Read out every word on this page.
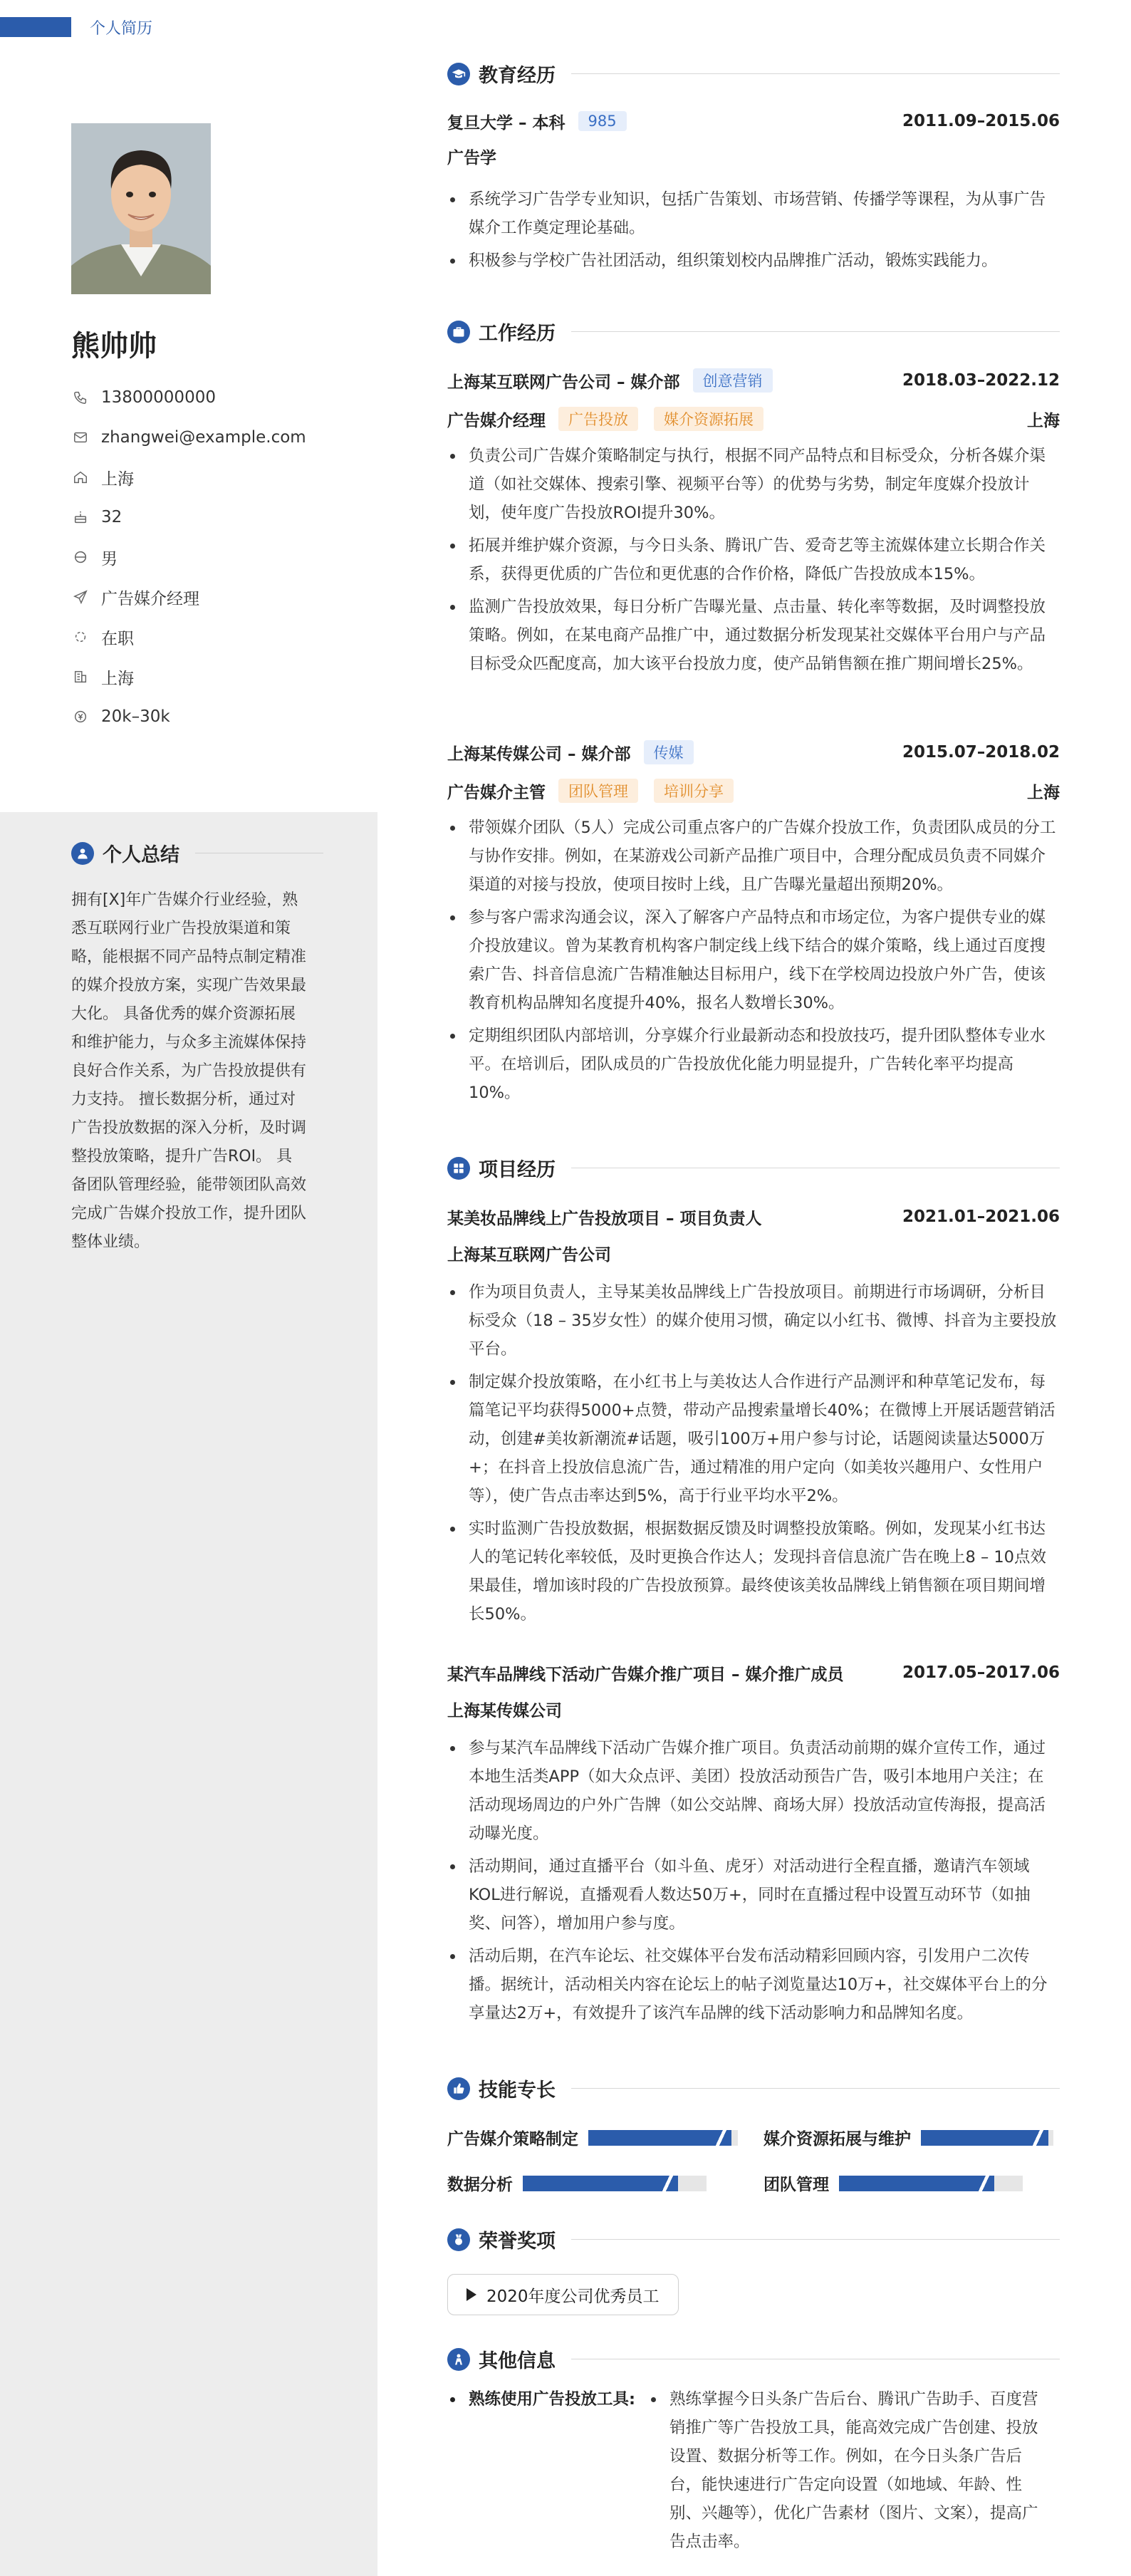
个人简历
熊帅帅
13800000000
zhangwei@example.com
上海
32
男
广告媒介经理
在职
上海
20k–30k
个人总结
拥有[X]年广告媒介行业经验，熟悉互联网行业广告投放渠道和策略，能根据不同产品特点制定精准的媒介投放方案，实现广告效果最大化。 具备优秀的媒介资源拓展和维护能力，与众多主流媒体保持良好合作关系，为广告投放提供有力支持。 擅长数据分析，通过对广告投放数据的深入分析，及时调整投放策略，提升广告ROI。 具备团队管理经验，能带领团队高效完成广告媒介投放工作，提升团队整体业绩。
教育经历
复旦大学 – 本科	985	2011.09–2015.06
广告学
系统学习广告学专业知识，包括广告策划、市场营销、传播学等课程，为从事广告媒介工作奠定理论基础。
积极参与学校广告社团活动，组织策划校内品牌推广活动，锻炼实践能力。
工作经历
上海某互联网广告公司 – 媒介部	创意营销	2018.03–2022.12
广告媒介经理	广告投放	媒介资源拓展	上海
负责公司广告媒介策略制定与执行，根据不同产品特点和目标受众，分析各媒介渠道（如社交媒体、搜索引擎、视频平台等）的优势与劣势，制定年度媒介投放计划，使年度广告投放ROI提升30%。
拓展并维护媒介资源，与今日头条、腾讯广告、爱奇艺等主流媒体建立长期合作关系，获得更优质的广告位和更优惠的合作价格，降低广告投放成本15%。
监测广告投放效果，每日分析广告曝光量、点击量、转化率等数据，及时调整投放策略。例如，在某电商产品推广中，通过数据分析发现某社交媒体平台用户与产品目标受众匹配度高，加大该平台投放力度，使产品销售额在推广期间增长25%。
上海某传媒公司 – 媒介部	传媒	2015.07–2018.02
广告媒介主管	团队管理	培训分享	上海
带领媒介团队（5人）完成公司重点客户的广告媒介投放工作，负责团队成员的分工与协作安排。例如，在某游戏公司新产品推广项目中，合理分配成员负责不同媒介渠道的对接与投放，使项目按时上线，且广告曝光量超出预期20%。
参与客户需求沟通会议，深入了解客户产品特点和市场定位，为客户提供专业的媒介投放建议。曾为某教育机构客户制定线上线下结合的媒介策略，线上通过百度搜索广告、抖音信息流广告精准触达目标用户，线下在学校周边投放户外广告，使该教育机构品牌知名度提升40%，报名人数增长30%。
定期组织团队内部培训，分享媒介行业最新动态和投放技巧，提升团队整体专业水平。在培训后，团队成员的广告投放优化能力明显提升，广告转化率平均提高10%。
项目经历
某美妆品牌线上广告投放项目 – 项目负责人	2021.01–2021.06
上海某互联网广告公司
作为项目负责人，主导某美妆品牌线上广告投放项目。前期进行市场调研，分析目标受众（18 – 35岁女性）的媒介使用习惯，确定以小红书、微博、抖音为主要投放平台。
制定媒介投放策略，在小红书上与美妆达人合作进行产品测评和种草笔记发布，每篇笔记平均获得5000+点赞，带动产品搜索量增长40%；在微博上开展话题营销活动，创建#美妆新潮流#话题，吸引100万+用户参与讨论，话题阅读量达5000万+；在抖音上投放信息流广告，通过精准的用户定向（如美妆兴趣用户、女性用户等），使广告点击率达到5%，高于行业平均水平2%。
实时监测广告投放数据，根据数据反馈及时调整投放策略。例如，发现某小红书达人的笔记转化率较低，及时更换合作达人；发现抖音信息流广告在晚上8 – 10点效果最佳，增加该时段的广告投放预算。最终使该美妆品牌线上销售额在项目期间增长50%。
某汽车品牌线下活动广告媒介推广项目 – 媒介推广成员	2017.05–2017.06
上海某传媒公司
参与某汽车品牌线下活动广告媒介推广项目。负责活动前期的媒介宣传工作，通过本地生活类APP（如大众点评、美团）投放活动预告广告，吸引本地用户关注；在活动现场周边的户外广告牌（如公交站牌、商场大屏）投放活动宣传海报，提高活动曝光度。
活动期间，通过直播平台（如斗鱼、虎牙）对活动进行全程直播，邀请汽车领域KOL进行解说，直播观看人数达50万+，同时在直播过程中设置互动环节（如抽奖、问答），增加用户参与度。
活动后期，在汽车论坛、社交媒体平台发布活动精彩回顾内容，引发用户二次传播。据统计，活动相关内容在论坛上的帖子浏览量达10万+，社交媒体平台上的分享量达2万+，有效提升了该汽车品牌的线下活动影响力和品牌知名度。
技能专长
广告媒介策略制定	媒介资源拓展与维护
数据分析	团队管理
荣誉奖项
2020年度公司优秀员工
其他信息
熟练使用广告投放工具:	熟练掌握今日头条广告后台、腾讯广告助手、百度营销推广等广告投放工具，能高效完成广告创建、投放设置、数据分析等工作。例如，在今日头条广告后台，能快速进行广告定向设置（如地域、年龄、性别、兴趣等），优化广告素材（图片、文案），提高广告点击率。
